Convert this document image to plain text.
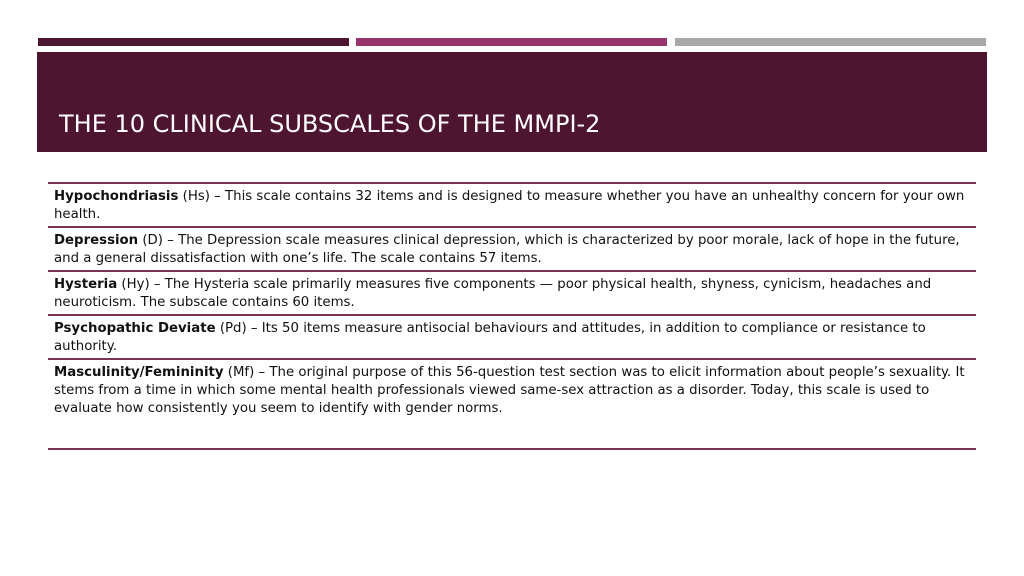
THE 10 CLINICAL SUBSCALES OF THE MMPI-2
Hypochondriasis (Hs) – This scale contains 32 items and is designed to measure whether you have an unhealthy concern for your own health.
Depression (D) – The Depression scale measures clinical depression, which is characterized by poor morale, lack of hope in the future, and a general dissatisfaction with one’s life. The scale contains 57 items.
Hysteria (Hy) – The Hysteria scale primarily measures five components — poor physical health, shyness, cynicism, headaches and neuroticism. The subscale contains 60 items.
Psychopathic Deviate (Pd) – Its 50 items measure antisocial behaviours and attitudes, in addition to compliance or resistance to authority.
Masculinity/Femininity (Mf) – The original purpose of this 56-question test section was to elicit information about people’s sexuality. It stems from a time in which some mental health professionals viewed same-sex attraction as a disorder. Today, this scale is used to evaluate how consistently you seem to identify with gender norms.
